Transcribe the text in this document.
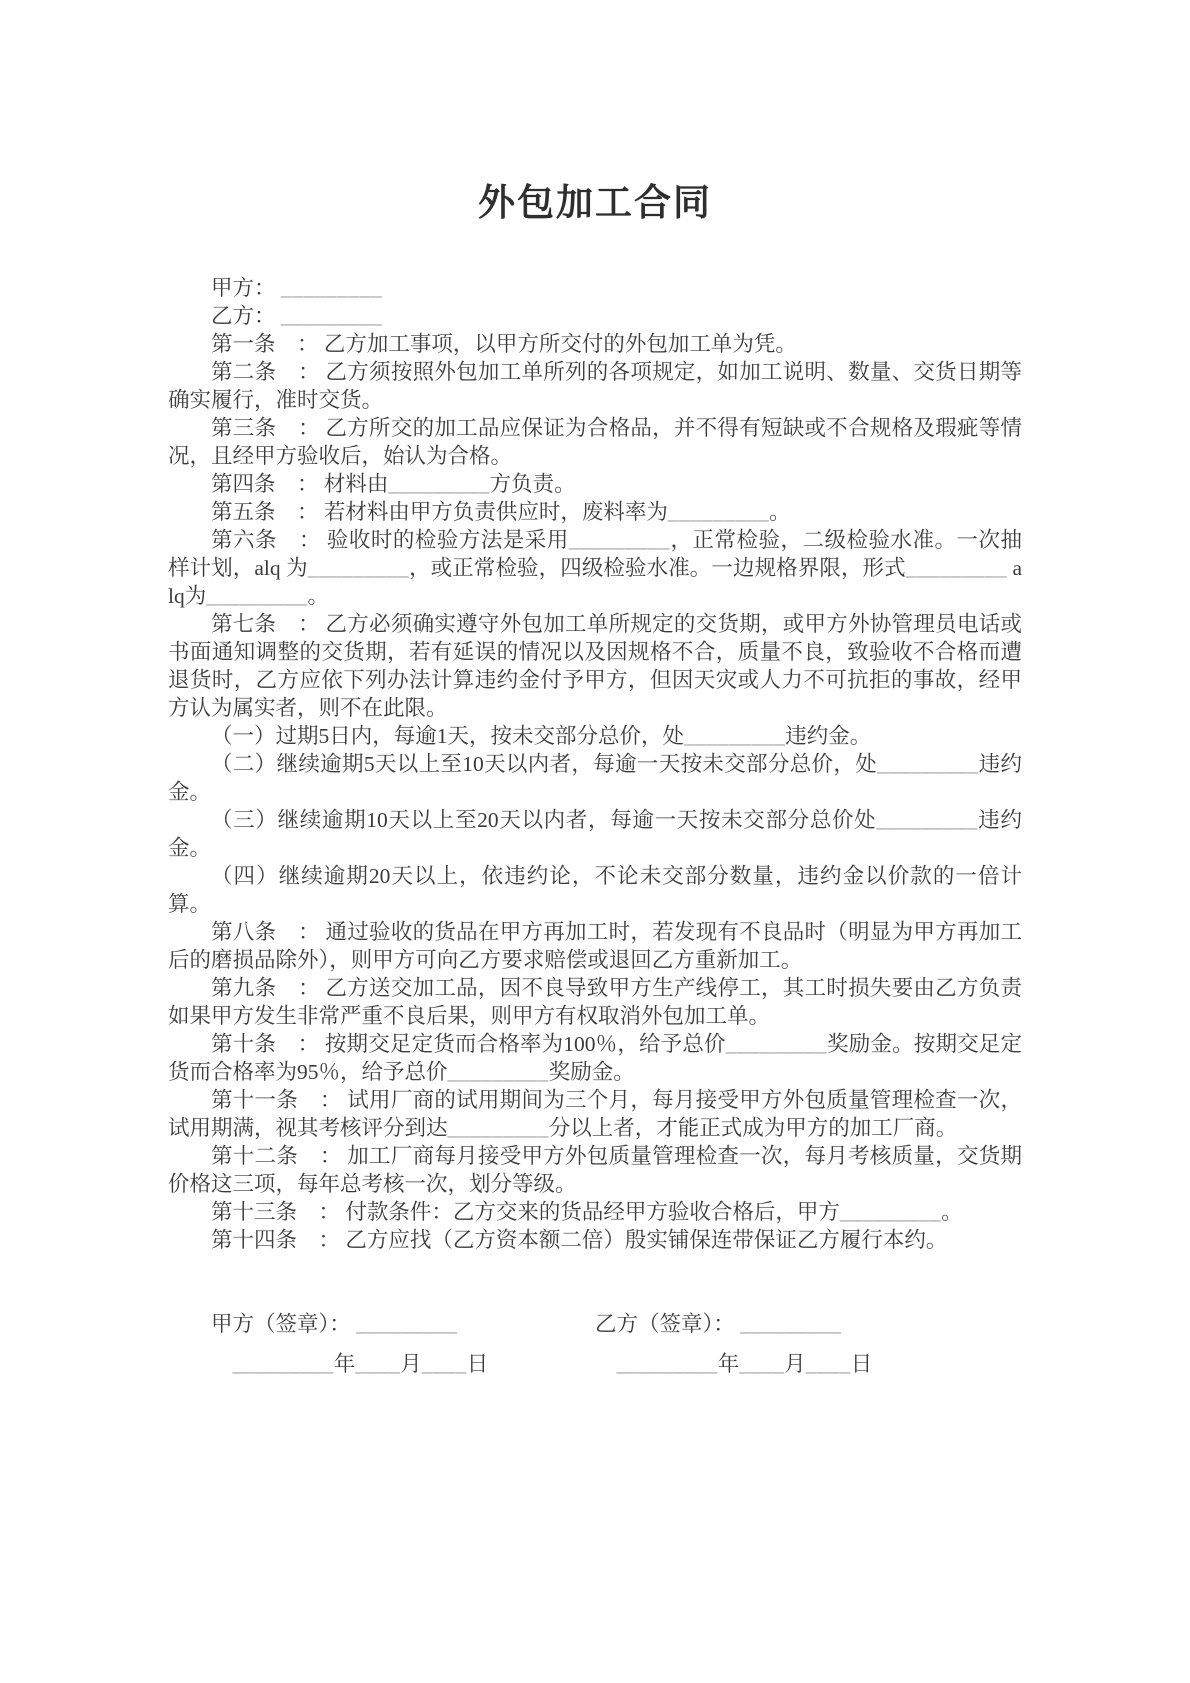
外包加工合同

甲方： _________

乙方： _________

第一条　： 乙方加工事项，以甲方所交付的外包加工单为凭。

第二条　： 乙方须按照外包加工单所列的各项规定，如加工说明、数量、交货日期等确实履行，准时交货。

第三条　： 乙方所交的加工品应保证为合格品，并不得有短缺或不合规格及瑕疵等情况，且经甲方验收后，始认为合格。

第四条　： 材料由_________方负责。

第五条　： 若材料由甲方负责供应时，废料率为_________。

第六条　： 验收时的检验方法是采用_________，正常检验，二级检验水准。一次抽样计划，alq 为_________，或正常检验，四级检验水准。一边规格界限，形式_________ alq为_________。

第七条　： 乙方必须确实遵守外包加工单所规定的交货期，或甲方外协管理员电话或书面通知调整的交货期，若有延误的情况以及因规格不合，质量不良，致验收不合格而遭退货时，乙方应依下列办法计算违约金付予甲方，但因天灾或人力不可抗拒的事故，经甲方认为属实者，则不在此限。

（一）过期5日内，每逾1天，按未交部分总价，处_________违约金。

（二）继续逾期5天以上至10天以内者，每逾一天按未交部分总价，处_________违约金。

（三）继续逾期10天以上至20天以内者，每逾一天按未交部分总价处_________违约金。

（四）继续逾期20天以上，依违约论，不论未交部分数量，违约金以价款的一倍计算。

第八条　： 通过验收的货品在甲方再加工时，若发现有不良品时（明显为甲方再加工后的磨损品除外），则甲方可向乙方要求赔偿或退回乙方重新加工。

第九条　： 乙方送交加工品，因不良导致甲方生产线停工，其工时损失要由乙方负责如果甲方发生非常严重不良后果，则甲方有权取消外包加工单。

第十条　： 按期交足定货而合格率为100％，给予总价_________奖励金。按期交足定货而合格率为95％，给予总价_________奖励金。

第十一条　： 试用厂商的试用期间为三个月，每月接受甲方外包质量管理检查一次，试用期满，视其考核评分到达_________分以上者，才能正式成为甲方的加工厂商。

第十二条　： 加工厂商每月接受甲方外包质量管理检查一次，每月考核质量，交货期价格这三项，每年总考核一次，划分等级。

第十三条　： 付款条件：乙方交来的货品经甲方验收合格后，甲方_________。

第十四条　： 乙方应找（乙方资本额二倍）殷实铺保连带保证乙方履行本约。

甲方（签章）： _________
_________年____月____日
乙方（签章）： _________
_________年____月____日
